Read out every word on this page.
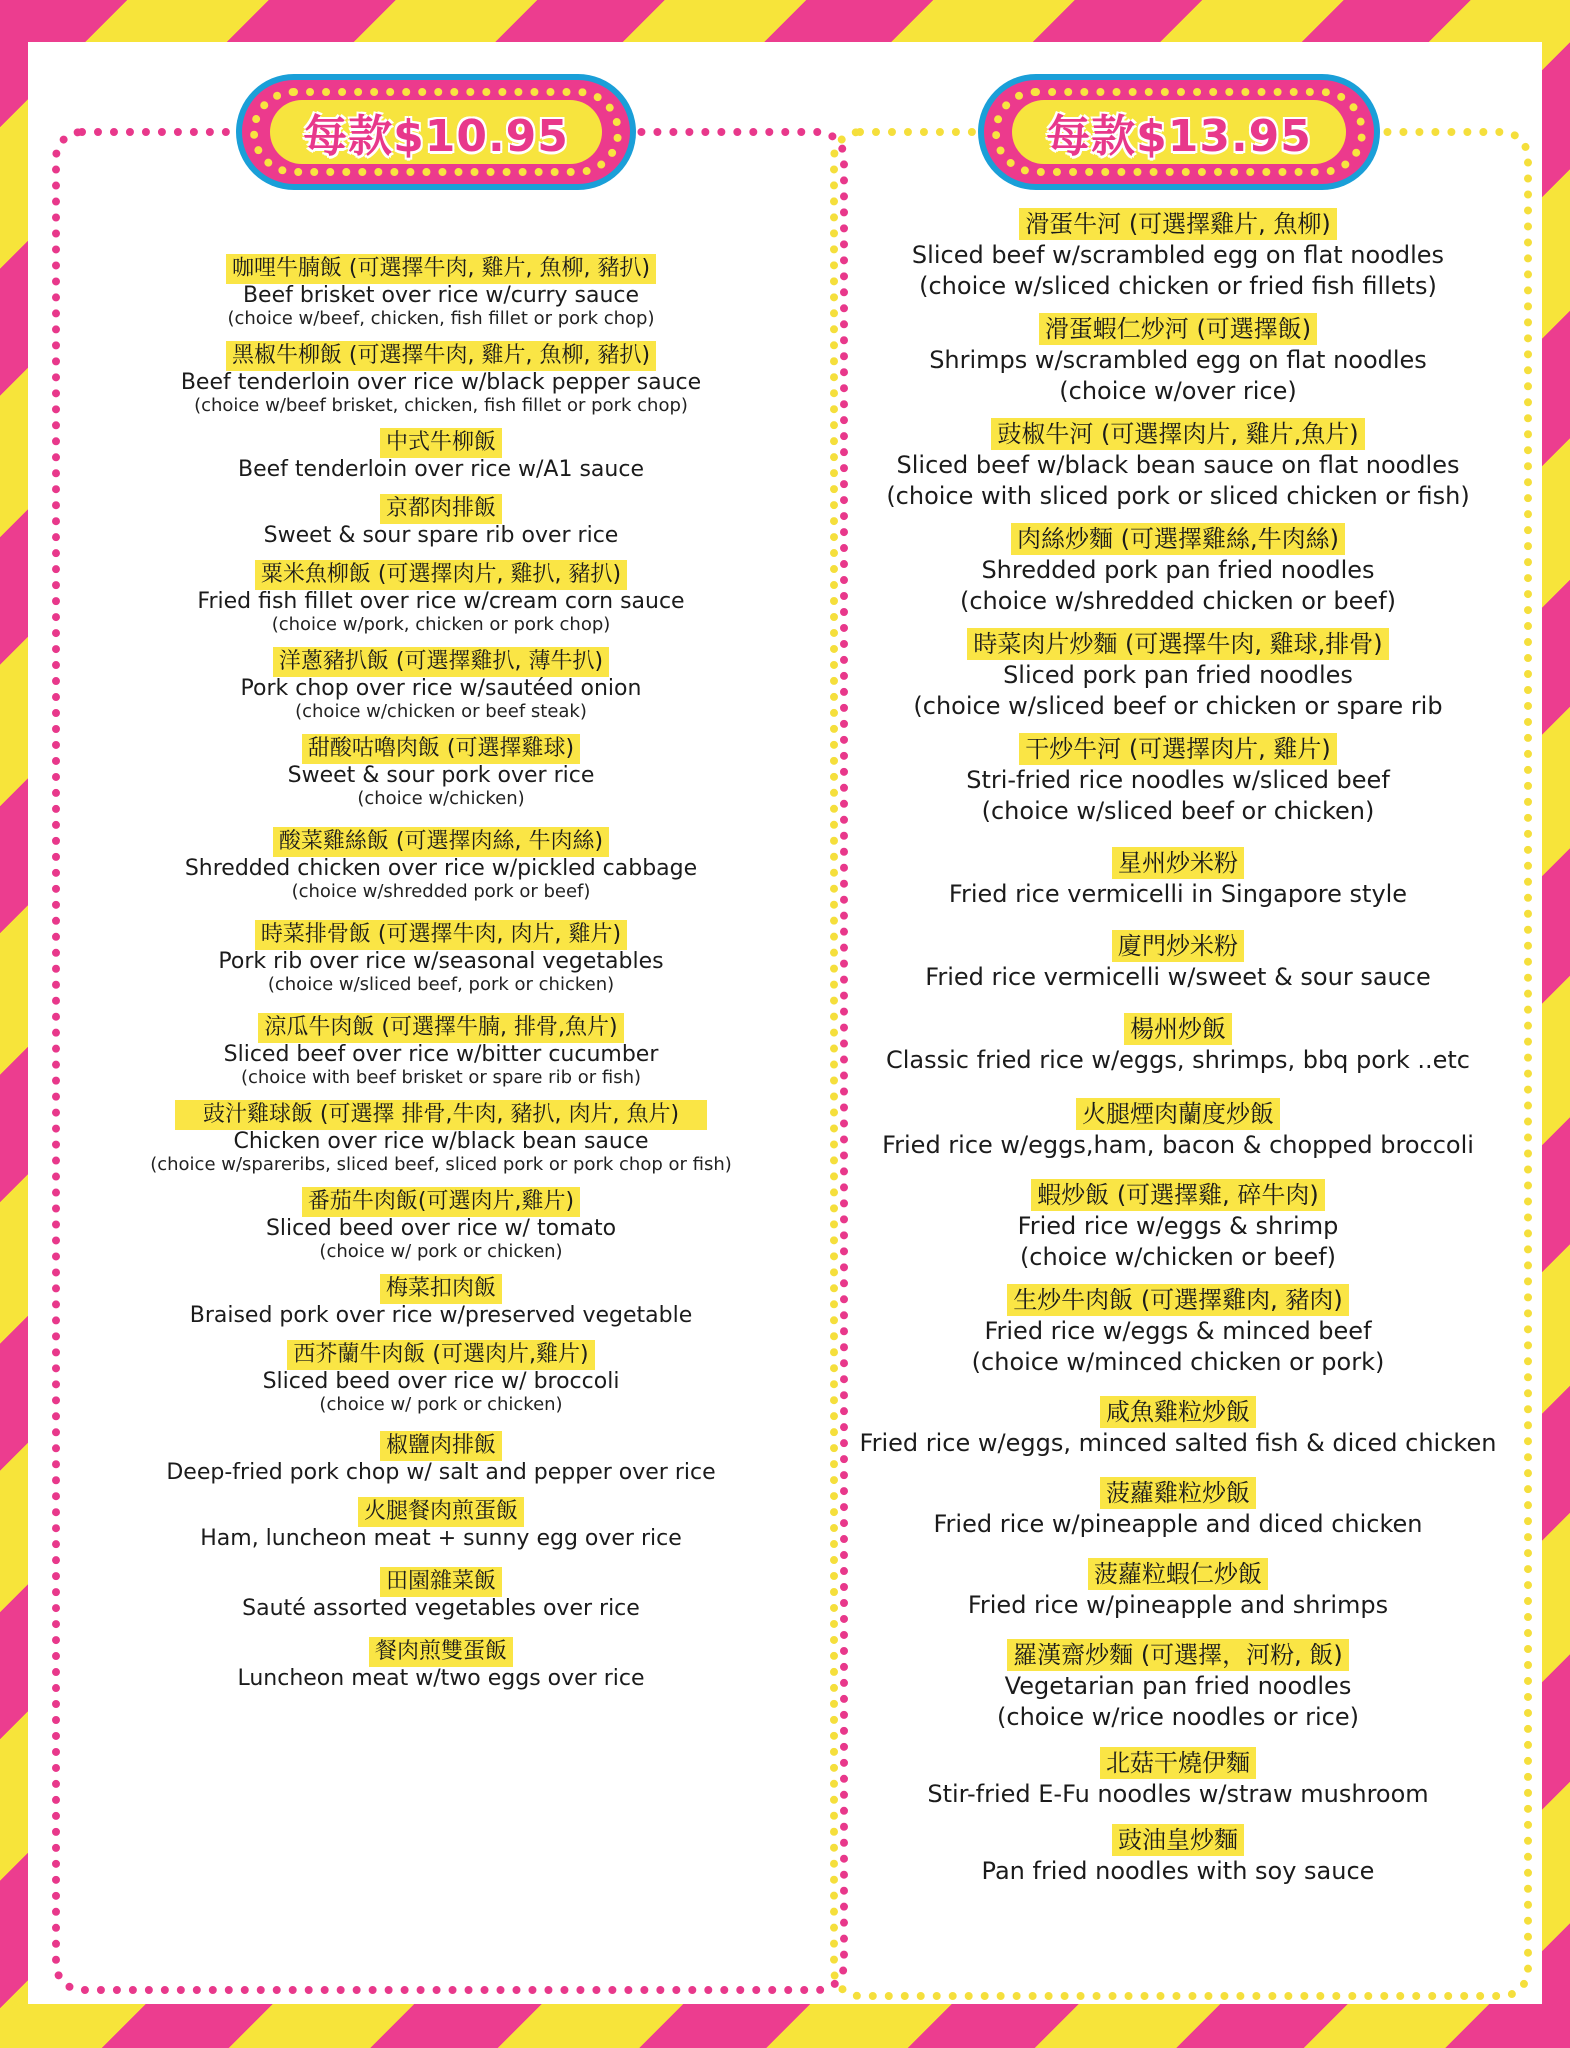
每款$10.95	每款$13.95
咖哩牛腩飯 (可選擇牛肉, 雞片, 魚柳, 豬扒)
Beef brisket over rice w/curry sauce
(choice w/beef, chicken, fish fillet or pork chop)
黑椒牛柳飯 (可選擇牛肉, 雞片, 魚柳, 豬扒)
Beef tenderloin over rice w/black pepper sauce
(choice w/beef brisket, chicken, fish fillet or pork chop)
中式牛柳飯
Beef tenderloin over rice w/A1 sauce
京都肉排飯
Sweet & sour spare rib over rice
粟米魚柳飯 (可選擇肉片, 雞扒, 豬扒)
Fried fish fillet over rice w/cream corn sauce
(choice w/pork, chicken or pork chop)
洋蔥豬扒飯 (可選擇雞扒, 薄牛扒)
Pork chop over rice w/sautéed onion
(choice w/chicken or beef steak)
甜酸咕嚕肉飯 (可選擇雞球)
Sweet & sour pork over rice
(choice w/chicken)
酸菜雞絲飯 (可選擇肉絲, 牛肉絲)
Shredded chicken over rice w/pickled cabbage
(choice w/shredded pork or beef)
時菜排骨飯 (可選擇牛肉, 肉片, 雞片)
Pork rib over rice w/seasonal vegetables
(choice w/sliced beef, pork or chicken)
涼瓜牛肉飯 (可選擇牛腩, 排骨,魚片)
Sliced beef over rice w/bitter cucumber
(choice with beef brisket or spare rib or fish)
豉汁雞球飯 (可選擇 排骨,牛肉, 豬扒, 肉片, 魚片)
Chicken over rice w/black bean sauce
(choice w/spareribs, sliced beef, sliced pork or pork chop or fish)
番茄牛肉飯(可選肉片,雞片)
Sliced beed over rice w/ tomato
(choice w/ pork or chicken)
梅菜扣肉飯
Braised pork over rice w/preserved vegetable
西芥蘭牛肉飯 (可選肉片,雞片)
Sliced beed over rice w/ broccoli
(choice w/ pork or chicken)
椒鹽肉排飯
Deep-fried pork chop w/ salt and pepper over rice
火腿餐肉煎蛋飯
Ham, luncheon meat + sunny egg over rice
田園雜菜飯
Sauté assorted vegetables over rice
餐肉煎雙蛋飯
Luncheon meat w/two eggs over rice
滑蛋牛河 (可選擇雞片, 魚柳)
Sliced beef w/scrambled egg on flat noodles
(choice w/sliced chicken or fried fish fillets)
滑蛋蝦仁炒河 (可選擇飯)
Shrimps w/scrambled egg on flat noodles
(choice w/over rice)
豉椒牛河 (可選擇肉片, 雞片,魚片)
Sliced beef w/black bean sauce on flat noodles
(choice with sliced pork or sliced chicken or fish)
肉絲炒麵 (可選擇雞絲,牛肉絲)
Shredded pork pan fried noodles
(choice w/shredded chicken or beef)
時菜肉片炒麵 (可選擇牛肉, 雞球,排骨)
Sliced pork pan fried noodles
(choice w/sliced beef or chicken or spare rib
干炒牛河 (可選擇肉片, 雞片)
Stri-fried rice noodles w/sliced beef
(choice w/sliced beef or chicken)
星州炒米粉
Fried rice vermicelli in Singapore style
廈門炒米粉
Fried rice vermicelli w/sweet & sour sauce
楊州炒飯
Classic fried rice w/eggs, shrimps, bbq pork ..etc
火腿煙肉蘭度炒飯
Fried rice w/eggs,ham, bacon & chopped broccoli
蝦炒飯 (可選擇雞, 碎牛肉)
Fried rice w/eggs & shrimp
(choice w/chicken or beef)
生炒牛肉飯 (可選擇雞肉, 豬肉)
Fried rice w/eggs & minced beef
(choice w/minced chicken or pork)
咸魚雞粒炒飯
Fried rice w/eggs, minced salted fish & diced chicken
菠蘿雞粒炒飯
Fried rice w/pineapple and diced chicken
菠蘿粒蝦仁炒飯
Fried rice w/pineapple and shrimps
羅漢齋炒麵 (可選擇，河粉, 飯)
Vegetarian pan fried noodles
(choice w/rice noodles or rice)
北菇干燒伊麵
Stir-fried E-Fu noodles w/straw mushroom
豉油皇炒麵
Pan fried noodles with soy sauce
